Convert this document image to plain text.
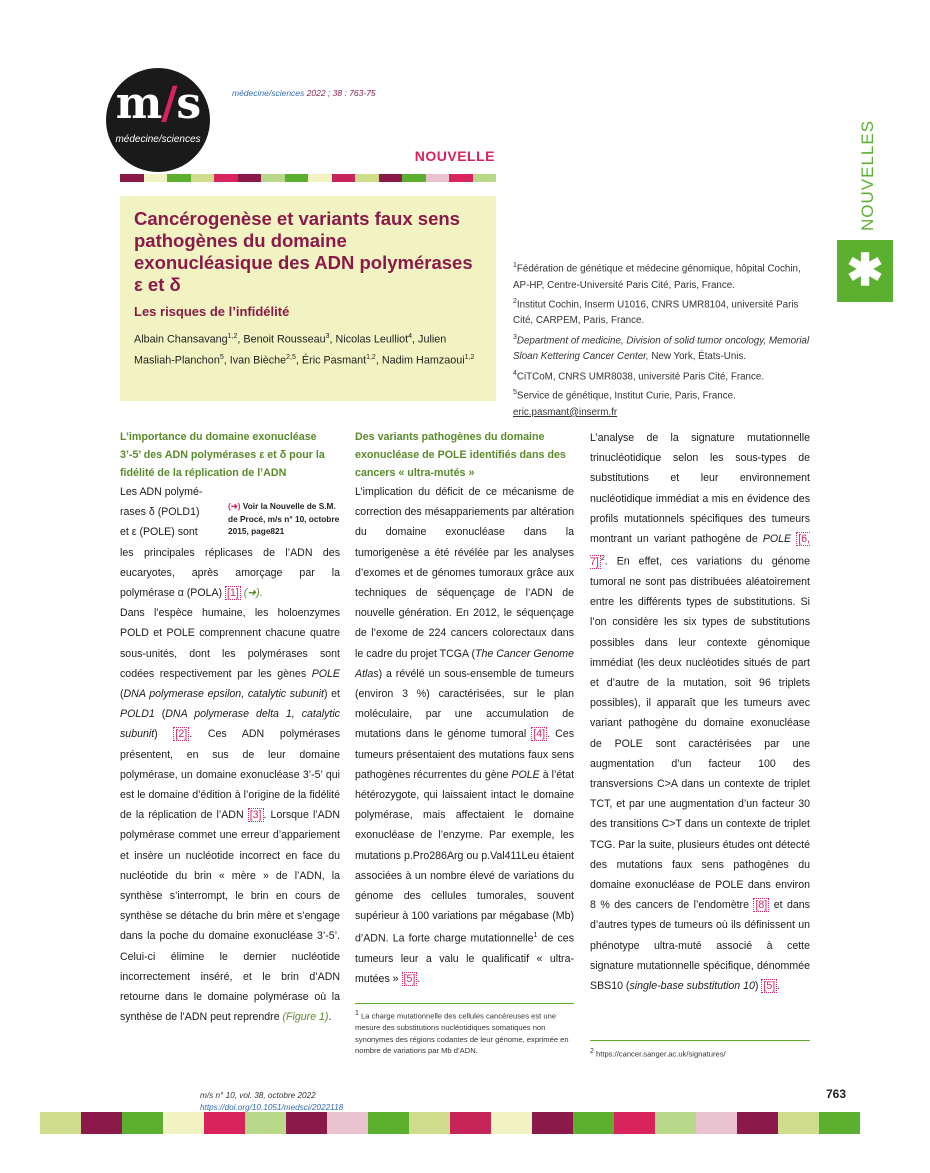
m/s
médecine/sciences
médecine/sciences 2022 ; 38 : 763-75
NOUVELLE	NOUVELLES
✱
Cancérogenèse et variants faux sens pathogènes du domaine exonucléasique des ADN polymérases ε et δ
Les risques de l’infidélité

Albain Chansavang$^{1,2}$, Benoit Rousseau$^3$, Nicolas Leulliot$^4$, Julien Masliah-Planchon$^5$, Ivan Bièche$^{2,5}$, Éric Pasmant$^{1,2}$, Nadim Hamzaoui$^{1,2}$

$^1$Fédération de génétique et médecine génomique, hôpital Cochin, AP-HP, Centre-Université Paris Cité, Paris, France.
$^2$Institut Cochin, Inserm U1016, CNRS UMR8104, université Paris Cité, CARPEM, Paris, France.
$^3$Department of medicine, Division of solid tumor oncology, Memorial Sloan Kettering Cancer Center, New York, États-Unis.
$^4$CiTCoM, CNRS UMR8038, université Paris Cité, France.
$^5$Service de génétique, Institut Curie, Paris, France.
eric.pasmant@inserm.fr
L’importance du domaine exonucléase 3’-5’ des ADN polymérases ε et δ pour la fidélité de la réplication de l’ADN

Les ADN polymé-
rases δ (POLD1)
et ε (POLE) sont
les principales réplicases de l’ADN des eucaryotes, après amorçage par la polymérase α (POLA) [1] (➜).

Dans l’espèce humaine, les holoenzymes POLD et POLE comprennent chacune quatre sous-unités, dont les polymérases sont codées respectivement par les gènes POLE (DNA polymerase epsilon, catalytic subunit) et POLD1 (DNA polymerase delta 1, catalytic subunit) [2] . Ces ADN polymérases présentent, en sus de leur domaine polymérase, un domaine exonucléase 3’-5’ qui est le domaine d’édition à l’origine de la fidélité de la réplication de l’ADN [3] . Lorsque l’ADN polymérase commet une erreur d’appariement et insère un nucléotide incorrect en face du nucléotide du brin « mère » de l’ADN, la synthèse s’interrompt, le brin en cours de synthèse se détache du brin mère et s’engage dans la poche du domaine exonucléase 3’-5’. Celui-ci élimine le dernier nucléotide incorrectement inséré, et le brin d’ADN retourne dans le domaine polymérase où la synthèse de l’ADN peut reprendre (Figure 1).

(➜) Voir la Nouvelle de S.M. de Procé, m/s n° 10, octobre 2015, page821
Des variants pathogènes du domaine exonucléase de POLE identifiés dans des cancers « ultra-mutés »

L’implication du déficit de ce mécanisme de correction des mésappariements par altération du domaine exonucléase dans la tumorigenèse a été révélée par les analyses d’exomes et de génomes tumoraux grâce aux techniques de séquençage de l’ADN de nouvelle génération. En 2012, le séquençage de l’exome de 224 cancers colorectaux dans le cadre du projet TCGA (The Cancer Genome Atlas) a révélé un sous-ensemble de tumeurs (environ 3 %) caractérisées, sur le plan moléculaire, par une accumulation de mutations dans le génome tumoral [4] . Ces tumeurs présentaient des mutations faux sens pathogènes récurrentes du gène POLE à l’état hétérozygote, qui laissaient intact le domaine polymérase, mais affectaient le domaine exonucléase de l’enzyme. Par exemple, les mutations p.Pro286Arg ou p.Val411Leu étaient associées à un nombre élevé de variations du génome des cellules tumorales, souvent supérieur à 100 variations par mégabase (Mb) d’ADN. La forte charge mutationnelle$^1$ de ces tumeurs leur a valu le qualificatif « ultra-mutées » [5] .

$^1$ La charge mutationnelle des cellules cancéreuses est une mesure des substitutions nucléotidiques somatiques non synonymes des régions codantes de leur génome, exprimée en nombre de variations par Mb d’ADN.

L’analyse de la signature mutationnelle trinucléotidique selon les sous-types de substitutions et leur environnement nucléotidique immédiat a mis en évidence des profils mutationnels spécifiques des tumeurs montrant un variant pathogène de POLE [6, 7] $^2$. En effet, ces variations du génome tumoral ne sont pas distribuées aléatoirement entre les différents types de substitutions. Si l’on considère les six types de substitutions possibles dans leur contexte génomique immédiat (les deux nucléotides situés de part et d’autre de la mutation, soit 96 triplets possibles), il apparaît que les tumeurs avec variant pathogène du domaine exonucléase de POLE sont caractérisées par une augmentation d’un facteur 100 des transversions C>A dans un contexte de triplet TCT, et par une augmentation d’un facteur 30 des transitions C>T dans un contexte de triplet TCG. Par la suite, plusieurs études ont détecté des mutations faux sens pathogènes du domaine exonucléase de POLE dans environ 8 % des cancers de l’endomètre [8] et dans d’autres types de tumeurs où ils définissent un phénotype ultra-muté associé à cette signature mutationnelle spécifique, dénommée SBS10 (single-base substitution 10) [5] .

$^2$ https://cancer.sanger.ac.uk/signatures/
m/s n° 10, vol. 38, octobre 2022
https://doi.org/10.1051/medsci/2022118
763
